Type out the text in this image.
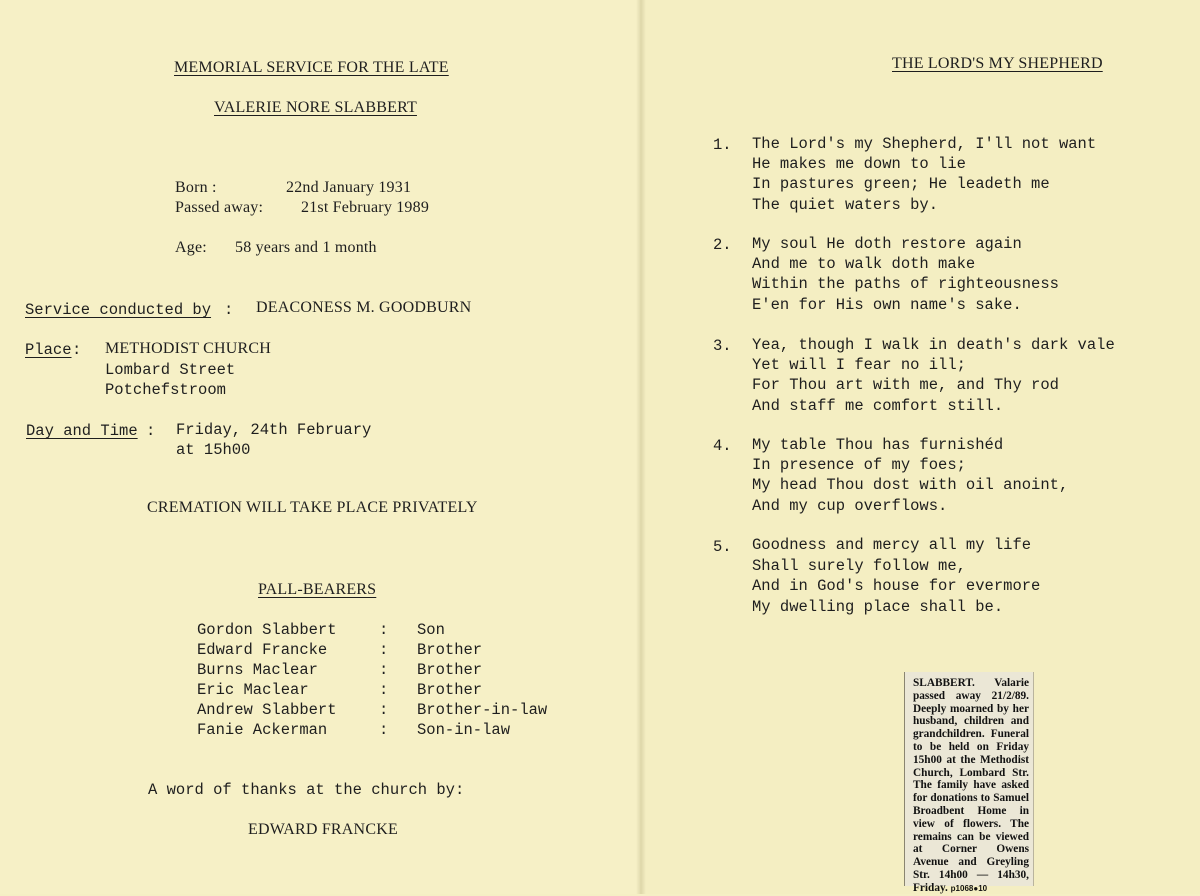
MEMORIAL SERVICE FOR THE LATE
VALERIE NORE SLABBERT
Born :	22nd January 1931
Passed away: 21st February 1989
Age: 58 years and 1 month
Service conducted by : DEACONESS M. GOODBURN
Place : METHODIST CHURCH
Lombard Street
Potchefstroom
Day and Time : Friday, 24th February
at 15h00
CREMATION WILL TAKE PLACE PRIVATELY
PALL-BEARERS
Gordon Slabbert	: Son
Edward Francke	: Brother
Burns Maclear	: Brother
Eric Maclear	: Brother
Andrew Slabbert	: Brother-in-law
Fanie Ackerman	: Son-in-law
A word of thanks at the church by:
EDWARD FRANCKE
THE LORD'S MY SHEPHERD
1. The Lord's my Shepherd, I'll not want
He makes me down to lie
In pastures green; He leadeth me
The quiet waters by.
2. My soul He doth restore again
And me to walk doth make
Within the paths of righteousness
E'en for His own name's sake.
3. Yea, though I walk in death's dark vale
Yet will I fear no ill;
For Thou art with me, and Thy rod
And staff me comfort still.
4. My table Thou has furnishéd
In presence of my foes;
My head Thou dost with oil anoint,
And my cup overflows.
5. Goodness and mercy all my life
Shall surely follow me,
And in God's house for evermore
My dwelling place shall be.
SLABBERT. Valarie passed away 21/2/89. Deeply moarned by her husband, children and grandchildren. Funeral to be held on Friday 15h00 at the Methodist Church, Lombard Str. The family have asked for donations to Samuel Broadbent Home in view of flowers. The remains can be viewed at Corner Owens Avenue and Greyling Str. 14h00 — 14h30, Friday. p1068●10
